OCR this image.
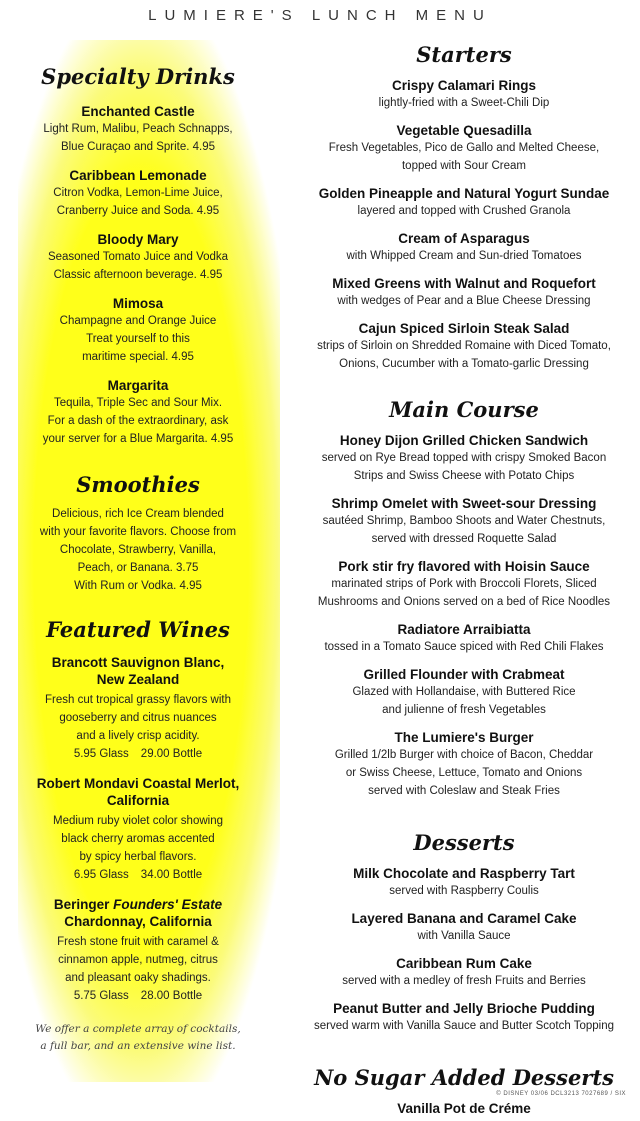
LUMIERE'S LUNCH MENU
Specialty Drinks

Enchanted Castle

Light Rum, Malibu, Peach Schnapps,

Blue Curaçao and Sprite. 4.95

Caribbean Lemonade

Citron Vodka, Lemon-Lime Juice,

Cranberry Juice and Soda. 4.95

Bloody Mary

Seasoned Tomato Juice and Vodka

Classic afternoon beverage. 4.95

Mimosa

Champagne and Orange Juice

Treat yourself to this

maritime special. 4.95

Margarita

Tequila, Triple Sec and Sour Mix.

For a dash of the extraordinary, ask

your server for a Blue Margarita. 4.95

Smoothies

Delicious, rich Ice Cream blended

with your favorite flavors. Choose from

Chocolate, Strawberry, Vanilla,

Peach, or Banana. 3.75

With Rum or Vodka. 4.95

Featured Wines

Brancott Sauvignon Blanc,

New Zealand

Fresh cut tropical grassy flavors with

gooseberry and citrus nuances

and a lively crisp acidity.

5.95 Glass 29.00 Bottle

Robert Mondavi Coastal Merlot,

California

Medium ruby violet color showing

black cherry aromas accented

by spicy herbal flavors.

6.95 Glass 34.00 Bottle

Beringer Founders' Estate

Chardonnay, California

Fresh stone fruit with caramel &

cinnamon apple, nutmeg, citrus

and pleasant oaky shadings.

5.75 Glass 28.00 Bottle

We offer a complete array of cocktails,
a full bar, and an extensive wine list.
Starters

Crispy Calamari Rings

lightly-fried with a Sweet-Chili Dip

Vegetable Quesadilla

Fresh Vegetables, Pico de Gallo and Melted Cheese,

topped with Sour Cream

Golden Pineapple and Natural Yogurt Sundae

layered and topped with Crushed Granola

Cream of Asparagus

with Whipped Cream and Sun-dried Tomatoes

Mixed Greens with Walnut and Roquefort

with wedges of Pear and a Blue Cheese Dressing

Cajun Spiced Sirloin Steak Salad

strips of Sirloin on Shredded Romaine with Diced Tomato,

Onions, Cucumber with a Tomato-garlic Dressing

Main Course

Honey Dijon Grilled Chicken Sandwich

served on Rye Bread topped with crispy Smoked Bacon

Strips and Swiss Cheese with Potato Chips

Shrimp Omelet with Sweet-sour Dressing

sautéed Shrimp, Bamboo Shoots and Water Chestnuts,

served with dressed Roquette Salad

Pork stir fry flavored with Hoisin Sauce

marinated strips of Pork with Broccoli Florets, Sliced

Mushrooms and Onions served on a bed of Rice Noodles

Radiatore Arraibiatta

tossed in a Tomato Sauce spiced with Red Chili Flakes

Grilled Flounder with Crabmeat

Glazed with Hollandaise, with Buttered Rice

and julienne of fresh Vegetables

The Lumiere's Burger

Grilled 1/2lb Burger with choice of Bacon, Cheddar

or Swiss Cheese, Lettuce, Tomato and Onions

served with Coleslaw and Steak Fries

Desserts

Milk Chocolate and Raspberry Tart

served with Raspberry Coulis

Layered Banana and Caramel Cake

with Vanilla Sauce

Caribbean Rum Cake

served with a medley of fresh Fruits and Berries

Peanut Butter and Jelly Brioche Pudding

served warm with Vanilla Sauce and Butter Scotch Topping

No Sugar Added Desserts

Vanilla Pot de Créme

© DISNEY 03/06 DCL3213 7027689 / SIX
